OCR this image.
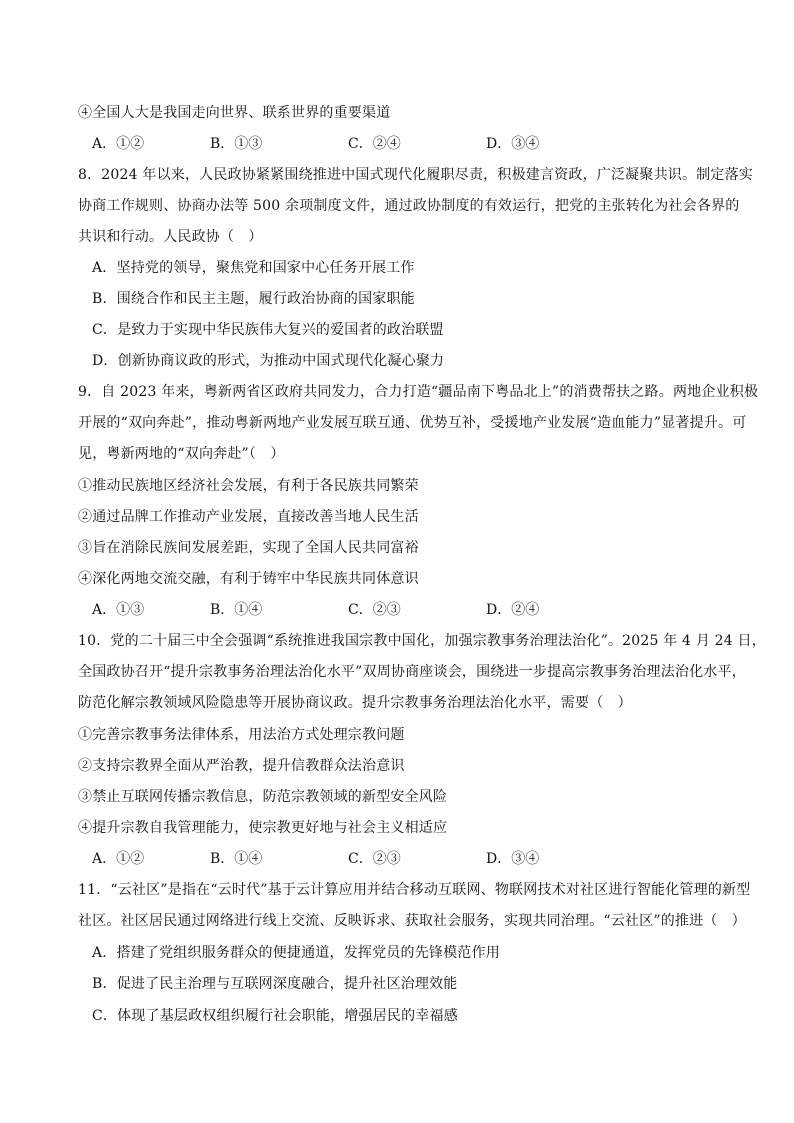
④全国人大是我国走向世界、联系世界的重要渠道
A．①②	B．①③	C．②④	D．③④
8．2024 年以来，人民政协紧紧围绕推进中国式现代化履职尽责，积极建言资政，广泛凝聚共识。制定落实
协商工作规则、协商办法等 500 余项制度文件，通过政协制度的有效运行，把党的主张转化为社会各界的
共识和行动。人民政协（　）
A．坚持党的领导，聚焦党和国家中心任务开展工作
B．围绕合作和民主主题，履行政治协商的国家职能
C．是致力于实现中华民族伟大复兴的爱国者的政治联盟
D．创新协商议政的形式，为推动中国式现代化凝心聚力
9．自 2023 年来，粤新两省区政府共同发力，合力打造“疆品南下粤品北上”的消费帮扶之路。两地企业积极
开展的“双向奔赴”，推动粤新两地产业发展互联互通、优势互补，受援地产业发展“造血能力”显著提升。可
见，粤新两地的“双向奔赴”（　）
①推动民族地区经济社会发展，有利于各民族共同繁荣
②通过品牌工作推动产业发展，直接改善当地人民生活
③旨在消除民族间发展差距，实现了全国人民共同富裕
④深化两地交流交融，有利于铸牢中华民族共同体意识
A．①③	B．①④	C．②③	D．②④
10．党的二十届三中全会强调“系统推进我国宗教中国化，加强宗教事务治理法治化”。2025 年 4 月 24 日，
全国政协召开“提升宗教事务治理法治化水平”双周协商座谈会，围绕进一步提高宗教事务治理法治化水平，
防范化解宗教领域风险隐患等开展协商议政。提升宗教事务治理法治化水平，需要（　）
①完善宗教事务法律体系，用法治方式处理宗教问题
②支持宗教界全面从严治教，提升信教群众法治意识
③禁止互联网传播宗教信息，防范宗教领域的新型安全风险
④提升宗教自我管理能力，使宗教更好地与社会主义相适应
A．①②	B．①④	C．②③	D．③④
11．“云社区”是指在“云时代”基于云计算应用并结合移动互联网、物联网技术对社区进行智能化管理的新型
社区。社区居民通过网络进行线上交流、反映诉求、获取社会服务，实现共同治理。“云社区”的推进（　）
A．搭建了党组织服务群众的便捷通道，发挥党员的先锋模范作用
B．促进了民主治理与互联网深度融合，提升社区治理效能
C．体现了基层政权组织履行社会职能，增强居民的幸福感
